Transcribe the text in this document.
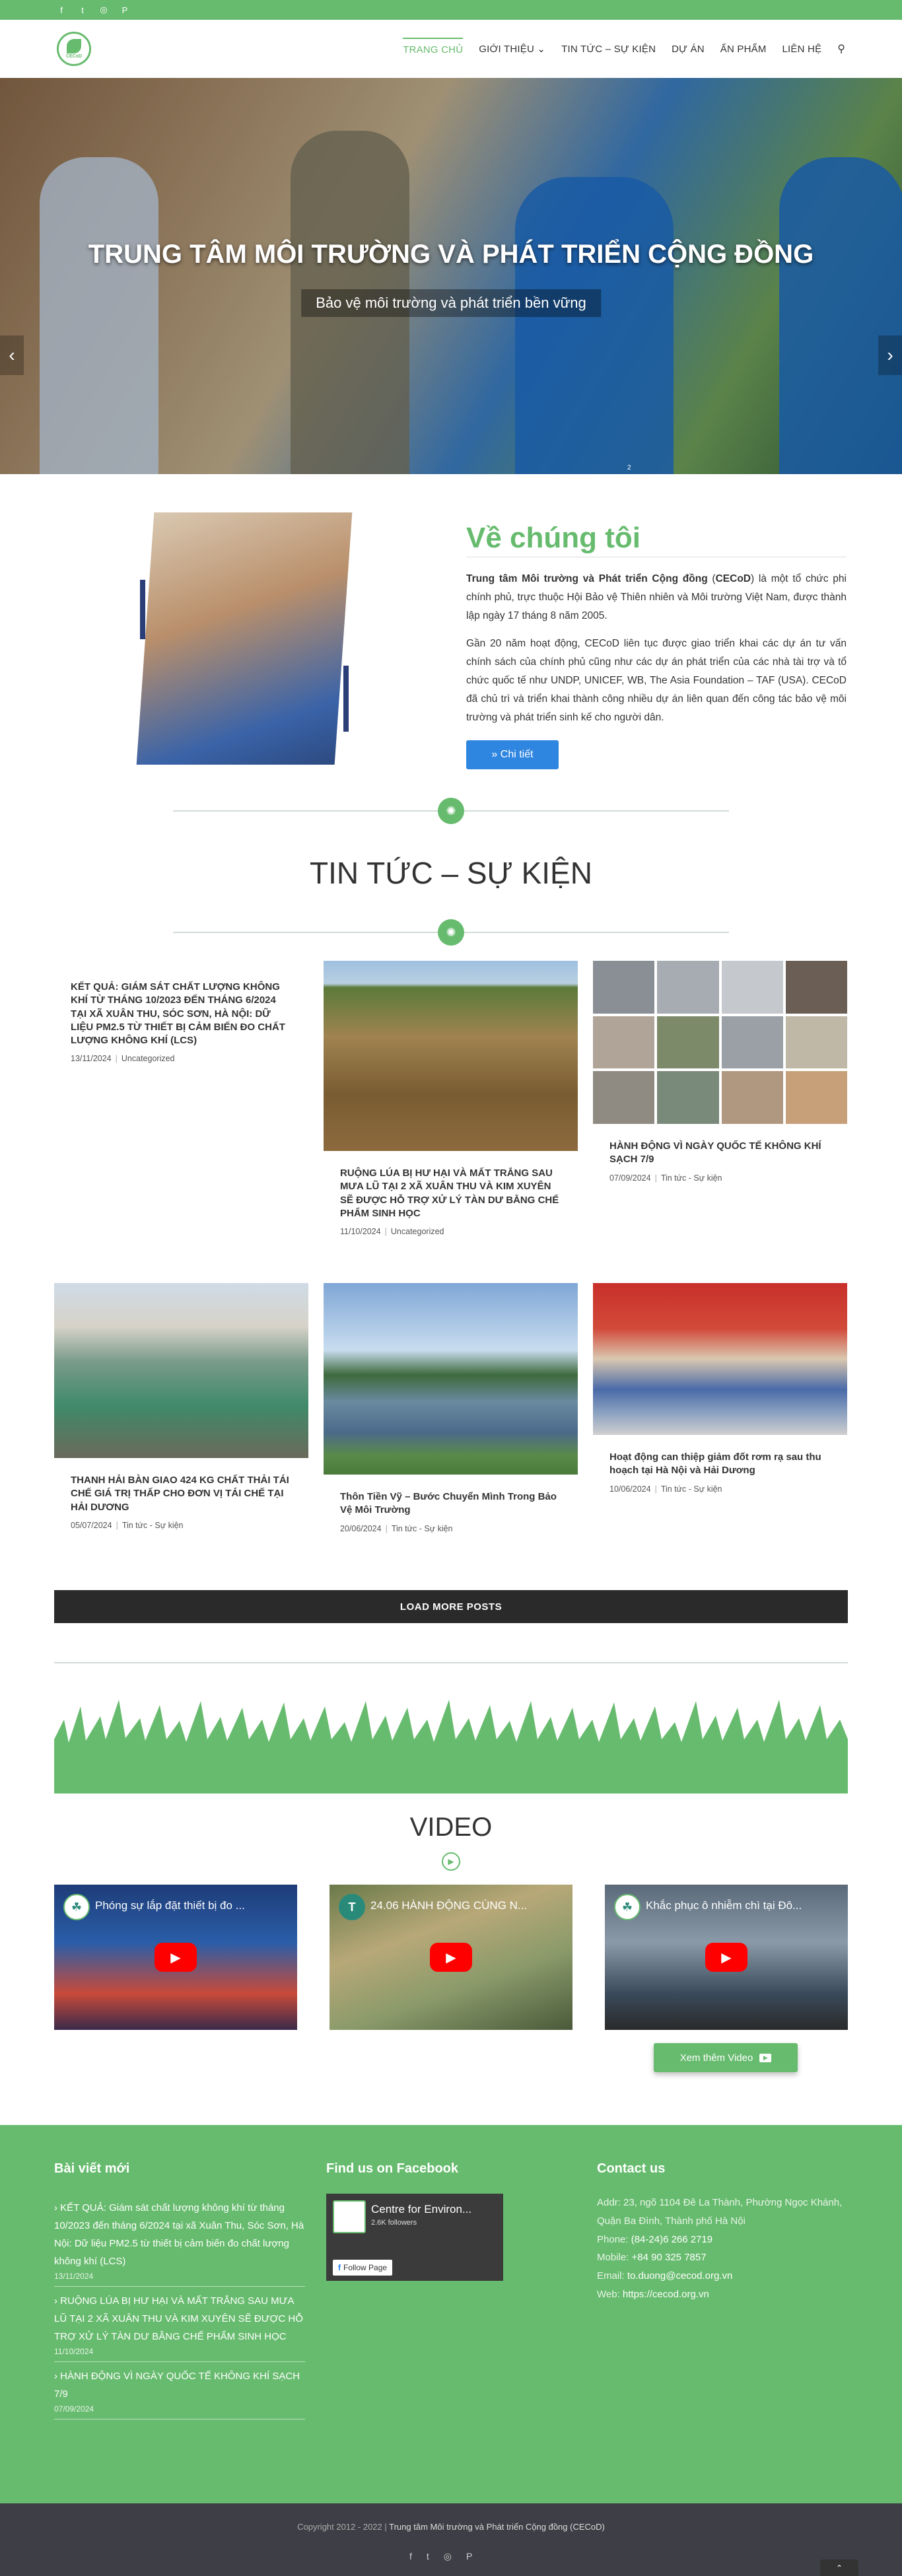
f	t	◎ P
CECoD
TRANG CHỦ GIỚI THIỆU ⌄ TIN TỨC – SỰ KIỆN DỰ ÁN ẤN PHẨM LIÊN HỆ ⚲
TRUNG TÂM MÔI TRƯỜNG VÀ PHÁT TRIỂN CỘNG ĐỒNG
Bảo vệ môi trường và phát triển bền vững
‹	›
2
Về chúng tôi

Trung tâm Môi trường và Phát triển Cộng đồng (CECoD) là một tổ chức phi chính phủ, trực thuộc Hội Bảo vệ Thiên nhiên và Môi trường Việt Nam, được thành lập ngày 17 tháng 8 năm 2005.

Gần 20 năm hoạt động, CECoD liên tục được giao triển khai các dự án tư vấn chính sách của chính phủ cũng như các dự án phát triển của các nhà tài trợ và tổ chức quốc tế như UNDP, UNICEF, WB, The Asia Foundation – TAF (USA). CECoD đã chủ trì và triển khai thành công nhiều dự án liên quan đến công tác bảo vệ môi trường và phát triển sinh kế cho người dân.

» Chi tiết
✺
TIN TỨC – SỰ KIỆN
✺
KẾT QUẢ: GIÁM SÁT CHẤT LƯỢNG KHÔNG KHÍ TỪ THÁNG 10/2023 ĐẾN THÁNG 6/2024 TẠI XÃ XUÂN THU, SÓC SƠN, HÀ NỘI: DỮ LIỆU PM2.5 TỪ THIẾT BỊ CẢM BIẾN ĐO CHẤT LƯỢNG KHÔNG KHÍ (LCS)
13/11/2024 | Uncategorized
RUỘNG LÚA BỊ HƯ HẠI VÀ MẤT TRẮNG SAU MƯA LŨ TẠI 2 XÃ XUÂN THU VÀ KIM XUYÊN SẼ ĐƯỢC HỖ TRỢ XỬ LÝ TÀN DƯ BẰNG CHẾ PHẨM SINH HỌC
11/10/2024 | Uncategorized
HÀNH ĐỘNG VÌ NGÀY QUỐC TẾ KHÔNG KHÍ SẠCH 7/9
07/09/2024 | Tin tức - Sự kiện
THANH HẢI BÀN GIAO 424 KG CHẤT THẢI TÁI CHẾ GIÁ TRỊ THẤP CHO ĐƠN VỊ TÁI CHẾ TẠI HẢI DƯƠNG
05/07/2024 | Tin tức - Sự kiện
Thôn Tiền Vỹ – Bước Chuyển Mình Trong Bảo Vệ Môi Trường
20/06/2024 | Tin tức - Sự kiện
Hoạt động can thiệp giảm đốt rơm rạ sau thu hoạch tại Hà Nội và Hải Dương
10/06/2024 | Tin tức - Sự kiện
LOAD MORE POSTS
VIDEO
▶
☘	Phóng sự lắp đặt thiết bị đo ...
▶
T	24.06 HÀNH ĐỘNG CÙNG N...
▶
☘	Khắc phục ô nhiễm chì tại Đô...
▶
Xem thêm Video	▶
Bài viết mới
› KẾT QUẢ: Giám sát chất lượng không khí từ tháng 10/2023 đến tháng 6/2024 tại xã Xuân Thu, Sóc Sơn, Hà Nội: Dữ liệu PM2.5 từ thiết bị cảm biến đo chất lượng không khí (LCS)
13/11/2024
› RUỘNG LÚA BỊ HƯ HẠI VÀ MẤT TRẮNG SAU MƯA LŨ TẠI 2 XÃ XUÂN THU VÀ KIM XUYÊN SẼ ĐƯỢC HỖ TRỢ XỬ LÝ TÀN DƯ BẰNG CHẾ PHẨM SINH HỌC
11/10/2024
› HÀNH ĐỘNG VÌ NGÀY QUỐC TẾ KHÔNG KHÍ SẠCH 7/9
07/09/2024
Find us on Facebook
Centre for Environ...
2.6K followers
f Follow Page
Contact us
Addr: 23, ngõ 1104 Đê La Thành, Phường Ngọc Khánh, Quận Ba Đình, Thành phố Hà Nội
Phone: (84-24)6 266 2719
Mobile: +84 90 325 7857
Email: to.duong@cecod.org.vn
Web: https://cecod.org.vn
Copyright 2012 - 2022 | Trung tâm Môi trường và Phát triển Cộng đồng (CECoD)
f t ◎ P
⌃
